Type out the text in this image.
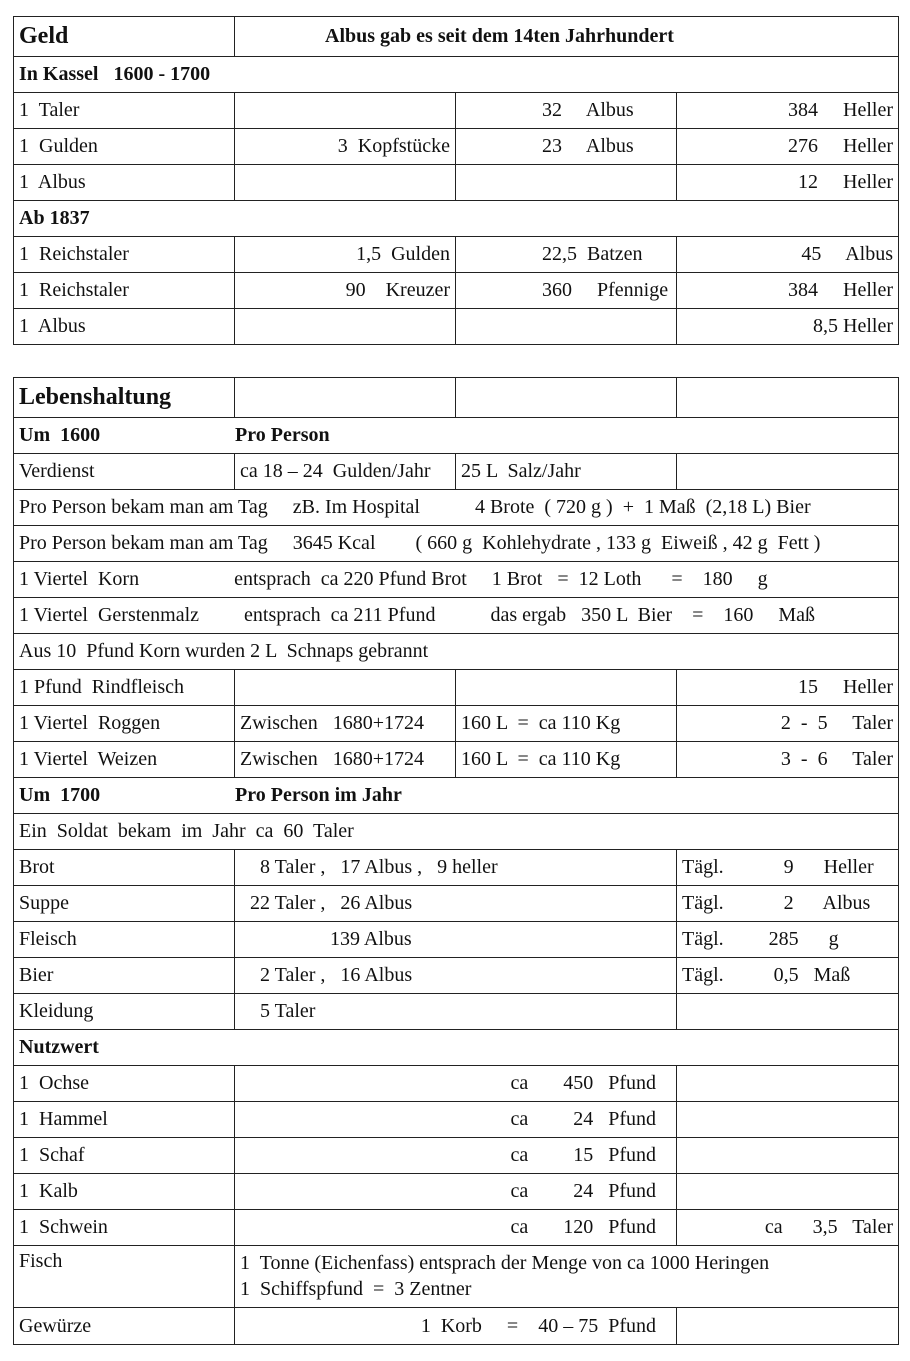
Geld	Albus gab es seit dem 14ten Jahrhundert		
In Kassel   1600 - 1700			
1  Taler		32     Albus	384     Heller
1  Gulden	3  Kopfstücke	23     Albus	276     Heller
1  Albus			12     Heller
Ab 1837			
1  Reichstaler	1,5  Gulden	22,5  Batzen	45     Albus
1  Reichstaler	90    Kreuzer	360     Pfennige	384     Heller
1  Albus			8,5 Heller
Lebenshaltung			
Um  1600 Pro Person			
Verdienst	ca 18 – 24  Gulden/Jahr	25 L  Salz/Jahr	
Pro Person bekam man am Tag     zB. Im Hospital           4 Brote  ( 720 g )  +  1 Maß  (2,18 L) Bier			
Pro Person bekam man am Tag     3645 Kcal        ( 660 g  Kohlehydrate , 133 g  Eiweiß , 42 g  Fett )			
1 Viertel  Korn                   entsprach  ca 220 Pfund Brot     1 Brot   =  12 Loth      =    180     g			
1 Viertel  Gerstenmalz         entsprach  ca 211 Pfund           das ergab   350 L  Bier    =    160     Maß			
Aus 10  Pfund Korn wurden 2 L  Schnaps gebrannt			
1 Pfund  Rindfleisch			15     Heller
1 Viertel  Roggen	Zwischen   1680+1724	160 L  =  ca 110 Kg	2  -  5     Taler
1 Viertel  Weizen	Zwischen   1680+1724	160 L  =  ca 110 Kg	3  -  6     Taler
Um  1700 Pro Person im Jahr			
Ein  Soldat  bekam  im  Jahr  ca  60  Taler			
Brot	8 Taler ,   17 Albus ,   9 heller		Tägl.            9      Heller
Suppe	22 Taler ,   26 Albus		Tägl.            2      Albus
Fleisch	139 Albus		Tägl.         285      g
Bier	2 Taler ,   16 Albus		Tägl.          0,5   Maß
Kleidung	5 Taler		
Nutzwert			
1  Ochse	ca       450   Pfund		
1  Hammel	ca         24   Pfund		
1  Schaf	ca         15   Pfund		
1  Kalb	ca         24   Pfund		
1  Schwein	ca       120   Pfund		ca      3,5   Taler
Fisch	1  Tonne (Eichenfass) entsprach der Menge von ca 1000 Heringen
1  Schiffspfund  =  3 Zentner		

Gewürze	1  Korb     =    40 – 75  Pfund		
